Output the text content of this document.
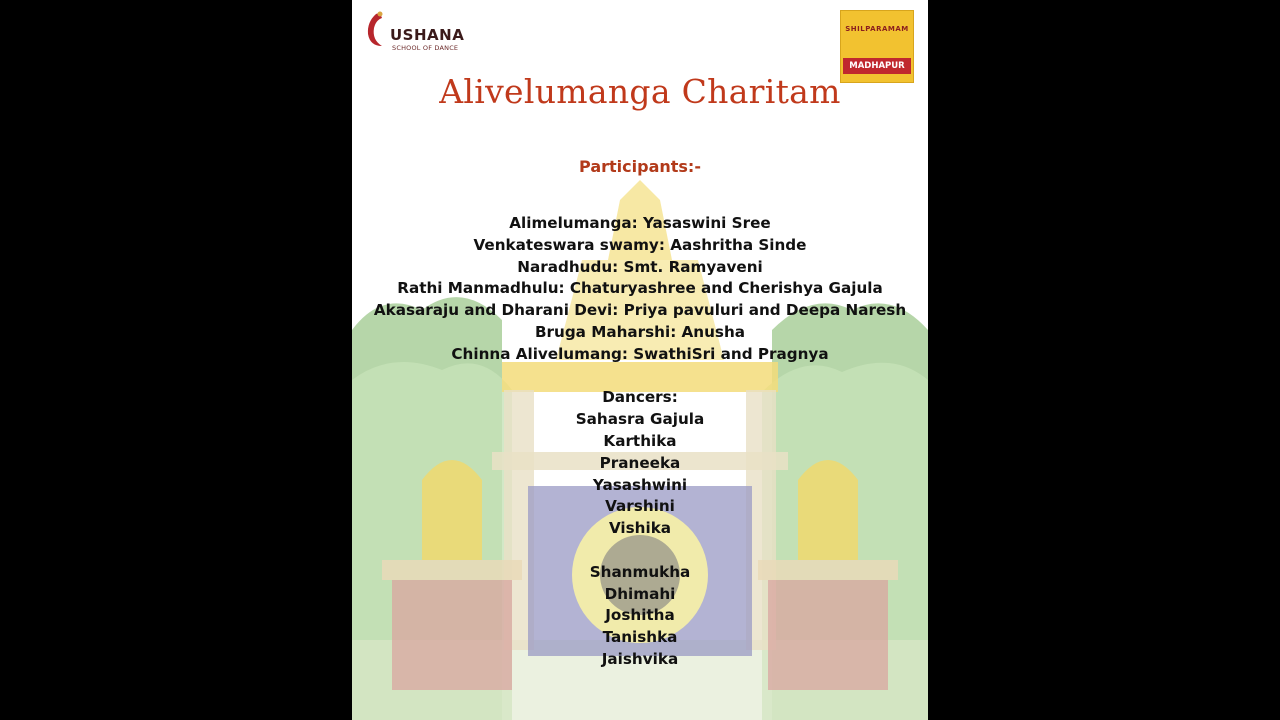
USHANA
SCHOOL OF DANCE
SHILPARAMAM
MADHAPUR
Alivelumanga Charitam
Participants:-
Alimelumanga: Yasaswini Sree
Venkateswara swamy: Aashritha Sinde
Naradhudu: Smt. Ramyaveni
Rathi Manmadhulu: Chaturyashree and Cherishya Gajula
Akasaraju and Dharani Devi: Priya pavuluri and Deepa Naresh
Bruga Maharshi: Anusha
Chinna Alivelumang: SwathiSri and Pragnya
Dancers:
Sahasra Gajula
Karthika
Praneeka
Yasashwini
Varshini
Vishika
Shanmukha
Dhimahi
Joshitha
Tanishka
Jaishvika
